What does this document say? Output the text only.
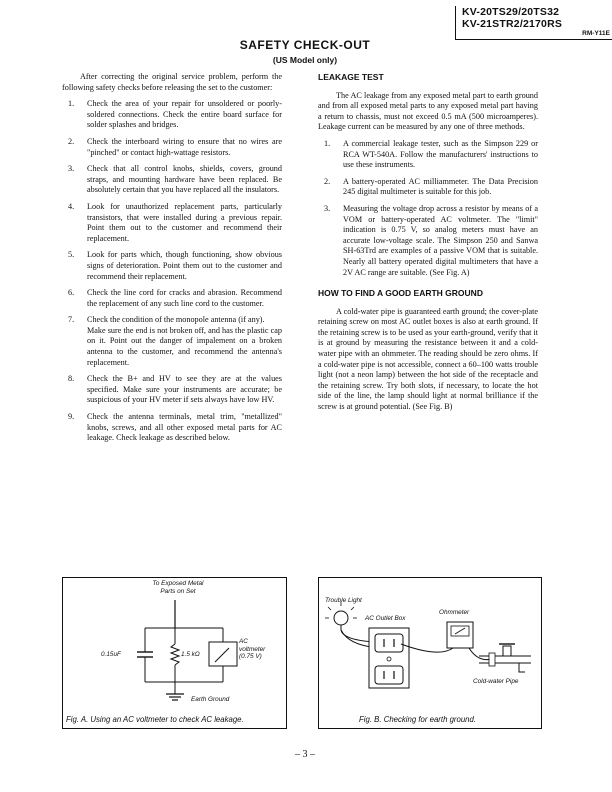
KV-20TS29/20TS32
KV-21STR2/2170RS
RM-Y11E
SAFETY CHECK-OUT
(US Model only)

After correcting the original service problem, perform the following safety checks before releasing the set to the customer:

1. Check the area of your repair for unsoldered or poorly-soldered connections. Check the entire board surface for solder splashes and bridges.
2. Check the interboard wiring to ensure that no wires are "pinched" or contact high-wattage resistors.
3. Check that all control knobs, shields, covers, ground straps, and mounting hardware have been replaced. Be absolutely certain that you have replaced all the insulators.
4. Look for unauthorized replacement parts, particularly transistors, that were installed during a previous repair. Point them out to the customer and recommend their replacement.
5. Look for parts which, though functioning, show obvious signs of deterioration. Point them out to the customer and recommend their replacement.
6. Check the line cord for cracks and abrasion. Recommend the replacement of any such line cord to the customer.
7. Check the condition of the monopole antenna (if any).
Make sure the end is not broken off, and has the plastic cap on it. Point out the danger of impalement on a broken antenna to the customer, and recommend the antenna's replacement.
8. Check the B+ and HV to see they are at the values specified. Make sure your instruments are accurate; be suspicious of your HV meter if sets always have low HV.
9. Check the antenna terminals, metal trim, "metallized" knobs, screws, and all other exposed metal parts for AC leakage. Check leakage as described below.
LEAKAGE TEST

The AC leakage from any exposed metal part to earth ground and from all exposed metal parts to any exposed metal part having a return to chassis, must not exceed 0.5 mA (500 microamperes). Leakage current can be measured by any one of three methods.

1. A commercial leakage tester, such as the Simpson 229 or RCA WT-540A. Follow the manufacturers' instructions to use these instruments.
2. A battery-operated AC milliammeter. The Data Precision 245 digital multimeter is suitable for this job.
3. Measuring the voltage drop across a resistor by means of a VOM or battery-operated AC voltmeter. The "limit" indication is 0.75 V, so analog meters must have an accurate low-voltage scale. The Simpson 250 and Sanwa SH-63Trd are examples of a passive VOM that is suitable. Nearly all battery operated digital multimeters that have a 2V AC range are suitable. (See Fig. A)
HOW TO FIND A GOOD EARTH GROUND

A cold-water pipe is guaranteed earth ground; the cover-plate retaining screw on most AC outlet boxes is also at earth ground. If the retaining screw is to be used as your earth-ground, verify that it is at ground by measuring the resistance between it and a cold-water pipe with an ohmmeter. The reading should be zero ohms. If a cold-water pipe is not accessible, connect a 60–100 watts trouble light (not a neon lamp) between the hot side of the receptacle and the retaining screw. Try both slots, if necessary, to locate the hot side of the line, the lamp should light at normal brilliance if the screw is at ground potential. (See Fig. B)

To Exposed Metal
Parts on Set
0.15uF	1.5 kΩ
AC
voltmeter
(0.75 V)
Earth Ground
Fig. A. Using an AC voltmeter to check AC leakage.
Trouble Light
AC Outlet Box
Ohmmeter
Cold-water Pipe
Fig. B. Checking for earth ground.
– 3 –
